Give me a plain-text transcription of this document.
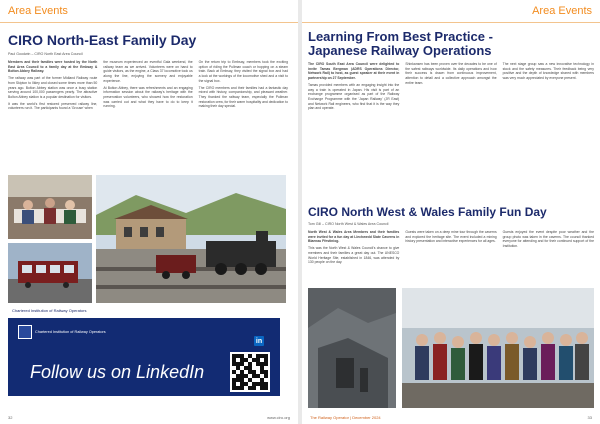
Area Events
CIRO North-East Family Day
Paul Goodwin – CIRO North East Area Council

Members and their families were hosted by the North East Area Council to a family day at the Embsay & Bolton Abbey Railway.

The railway was part of the former Midland Railway route from Skipton to Ilkley and closed some times more than 50 years ago. Bolton Abbey station was once a busy station serving around 100,000 passengers yearly. The attractive Bolton Abbey station is a popular destination for visitors.

It was the world's first restored preserved railway line, volunteers run it. The participants found a 'Grouse' when

the museum experienced an eventful Gala weekend, the railway team as we arrived. Volunteers were on hand to guide visitors, as the engine, a Class 37 locomotive took us along the line, enjoying the scenery and enjoyable experience.

At Bolton Abbey, there was refreshments and an engaging information session about the railway's heritage with the preservation volunteers, who showed how the restoration was carried out and what they have to do to keep it running.

On the return trip to Embsay, members took the exciting option of riding the Pullman coach or hopping on a steam train. Back at Embsay, they visited the signal box and had a look at the workings of the locomotive shed and a visit to the signal box.

The CIRO members and their families had a fantastic day mixed with history, companionship, and pleasant weather. They thanked the railway team, especially the Pullman restoration crew, for their warm hospitality and dedication to making their day special.

Chartered Institution of Railway Operators
Chartered Institution of Railway Operators
Follow us on LinkedIn
in
32	www.ciro.org
Area Events
Learning From Best Practice -
Japanese Railway Operations

The CIRO South East Area Council were delighted to invite Tamas Bergman (ADRS Operations Director, Network Rail) to host, as guest speaker at their event in partnership on 27 September.

Tamas provided members with an engaging insight into the way a train is operated in Japan. His visit is part of an exchange programme organised as part of the Railway Exchange Programme with the 'Japan Railway' (JR East) and Network Rail engineers, who find that it is the way they plan and operate.

Shinkansen has been proven over the decades to be one of the safest railways worldwide. Its daily operations and how their success is drawn from continuous improvement, attention to detail and a collective approach amongst the entire team.

The next stage group saw a new innovative technology in stock and the safety measures. Their feedback being very positive and the depth of knowledge shared with members was very much appreciated by everyone present.

CIRO North West & Wales Family Fun Day
Tom Gill – CIRO North West & Wales Area Council

North West & Wales Area Members and their families were invited for a fun day at Llechwedd Slate Caverns in Blaenau Ffestiniog.

This was the North West & Wales Council's chance to give members and their families a great day out. The UNESCO World Heritage Site, established in 1846, was attended by 130 people on the day.

Guests were taken on a deep mine tour through the caverns and explored the heritage site. The event included a mining history presentation and interactive experiences for all ages.

Guests enjoyed the event despite poor weather and the group photo was taken in the caverns. The council thanked everyone for attending and for their continued support of the Institution.

The Railway Operator | December 2024	33
